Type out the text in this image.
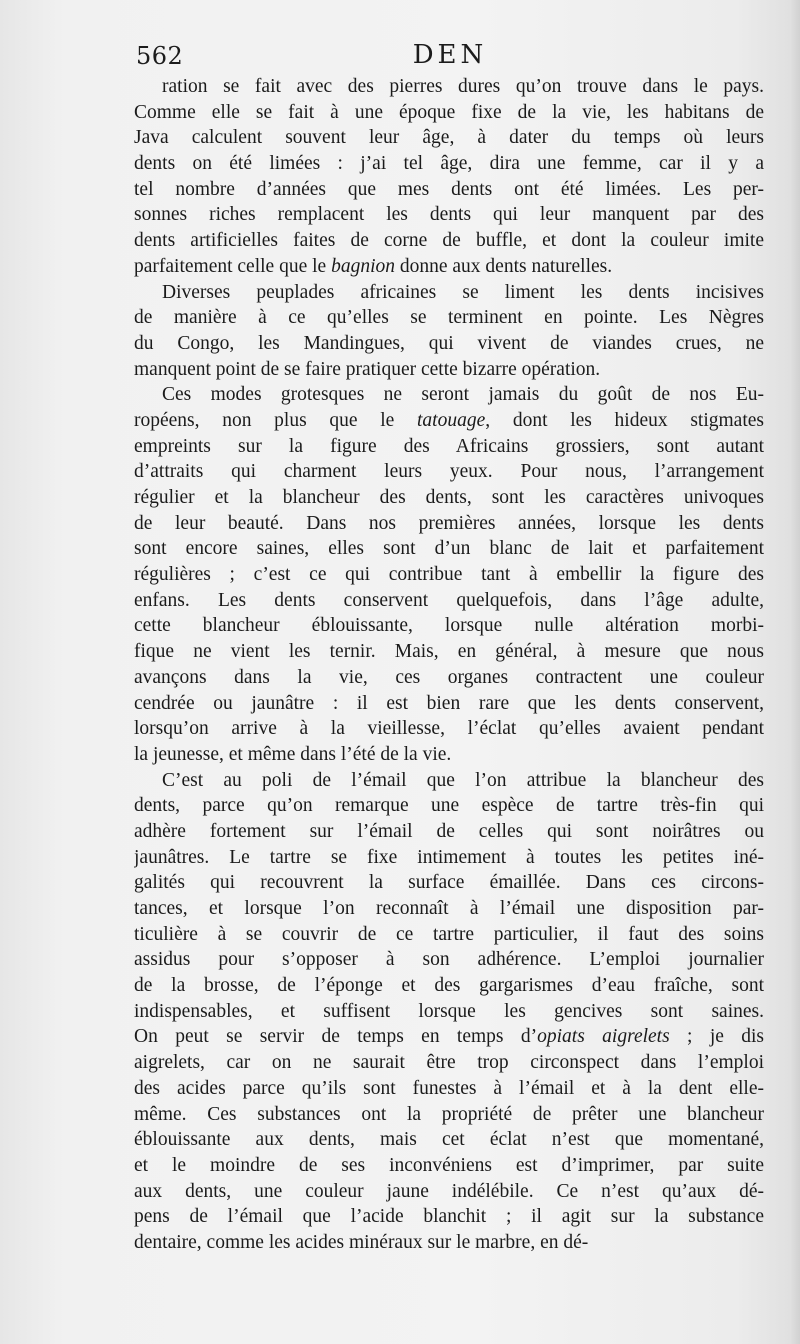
562	DEN
ration se fait avec des pierres dures qu’on trouve dans le pays.
Comme elle se fait à une époque fixe de la vie, les habitans de
Java calculent souvent leur âge, à dater du temps où leurs
dents on été limées : j’ai tel âge, dira une femme, car il y a
tel nombre d’années que mes dents ont été limées. Les per-
sonnes riches remplacent les dents qui leur manquent par des
dents artificielles faites de corne de buffle, et dont la couleur imite
parfaitement celle que le bagnion donne aux dents naturelles.
Diverses peuplades africaines se liment les dents incisives
de manière à ce qu’elles se terminent en pointe. Les Nègres
du Congo, les Mandingues, qui vivent de viandes crues, ne
manquent point de se faire pratiquer cette bizarre opération.
Ces modes grotesques ne seront jamais du goût de nos Eu-
ropéens, non plus que le tatouage, dont les hideux stigmates
empreints sur la figure des Africains grossiers, sont autant
d’attraits qui charment leurs yeux. Pour nous, l’arrangement
régulier et la blancheur des dents, sont les caractères univoques
de leur beauté. Dans nos premières années, lorsque les dents
sont encore saines, elles sont d’un blanc de lait et parfaitement
régulières ; c’est ce qui contribue tant à embellir la figure des
enfans. Les dents conservent quelquefois, dans l’âge adulte,
cette blancheur éblouissante, lorsque nulle altération morbi-
fique ne vient les ternir. Mais, en général, à mesure que nous
avançons dans la vie, ces organes contractent une couleur
cendrée ou jaunâtre : il est bien rare que les dents conservent,
lorsqu’on arrive à la vieillesse, l’éclat qu’elles avaient pendant
la jeunesse, et même dans l’été de la vie.
C’est au poli de l’émail que l’on attribue la blancheur des
dents, parce qu’on remarque une espèce de tartre très-fin qui
adhère fortement sur l’émail de celles qui sont noirâtres ou
jaunâtres. Le tartre se fixe intimement à toutes les petites iné-
galités qui recouvrent la surface émaillée. Dans ces circons-
tances, et lorsque l’on reconnaît à l’émail une disposition par-
ticulière à se couvrir de ce tartre particulier, il faut des soins
assidus pour s’opposer à son adhérence. L’emploi journalier
de la brosse, de l’éponge et des gargarismes d’eau fraîche, sont
indispensables, et suffisent lorsque les gencives sont saines.
On peut se servir de temps en temps d’opiats aigrelets ; je dis
aigrelets, car on ne saurait être trop circonspect dans l’emploi
des acides parce qu’ils sont funestes à l’émail et à la dent elle-
même. Ces substances ont la propriété de prêter une blancheur
éblouissante aux dents, mais cet éclat n’est que momentané,
et le moindre de ses inconvéniens est d’imprimer, par suite
aux dents, une couleur jaune indélébile. Ce n’est qu’aux dé-
pens de l’émail que l’acide blanchit ; il agit sur la substance
dentaire, comme les acides minéraux sur le marbre, en dé-
